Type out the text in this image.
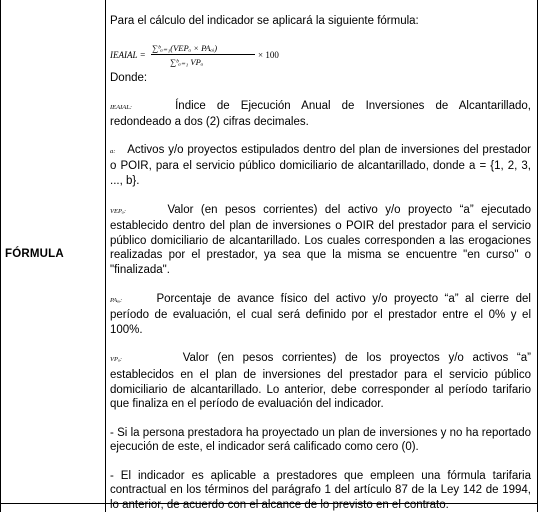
FÓRMULA

Para el cálculo del indicador se aplicará la siguiente fórmula:

IEAIAL =
∑ᵇₐ₌₁(VEPₐ × PAₐᵢ)
∑ᵇₐ₌₁ VPₐ
× 100

Donde:

IEAIAL:	Índice de Ejecución Anual de Inversiones de Alcantarillado, redondeado a dos (2) cifras decimales.

a: Activos y/o proyectos estipulados dentro del plan de inversiones del prestador o POIR, para el servicio público domiciliario de alcantarillado, donde a = {1, 2, 3, ..., b}.

VEPₐ:	Valor (en pesos corrientes) del activo y/o proyecto “a” ejecutado establecido dentro del plan de inversiones o POIR del prestador para el servicio público domiciliario de alcantarillado. Los cuales corresponden a las erogaciones realizadas por el prestador, ya sea que la misma se encuentre "en curso" o "finalizada".

PAₐᵢ:	Porcentaje de avance físico del activo y/o proyecto “a” al cierre del período de evaluación, el cual será definido por el prestador entre el 0% y el 100%.

VPₐ:	Valor (en pesos corrientes) de los proyectos y/o activos “a” establecidos en el plan de inversiones del prestador para el servicio público domiciliario de alcantarillado. Lo anterior, debe corresponder al período tarifario que finaliza en el período de evaluación del indicador.

- Si la persona prestadora ha proyectado un plan de inversiones y no ha reportado ejecución de este, el indicador será calificado como cero (0).

- El indicador es aplicable a prestadores que empleen una fórmula tarifaria contractual en los términos del parágrafo 1 del artículo 87 de la Ley 142 de 1994, lo anterior, de acuerdo con el alcance de lo previsto en el contrato.
